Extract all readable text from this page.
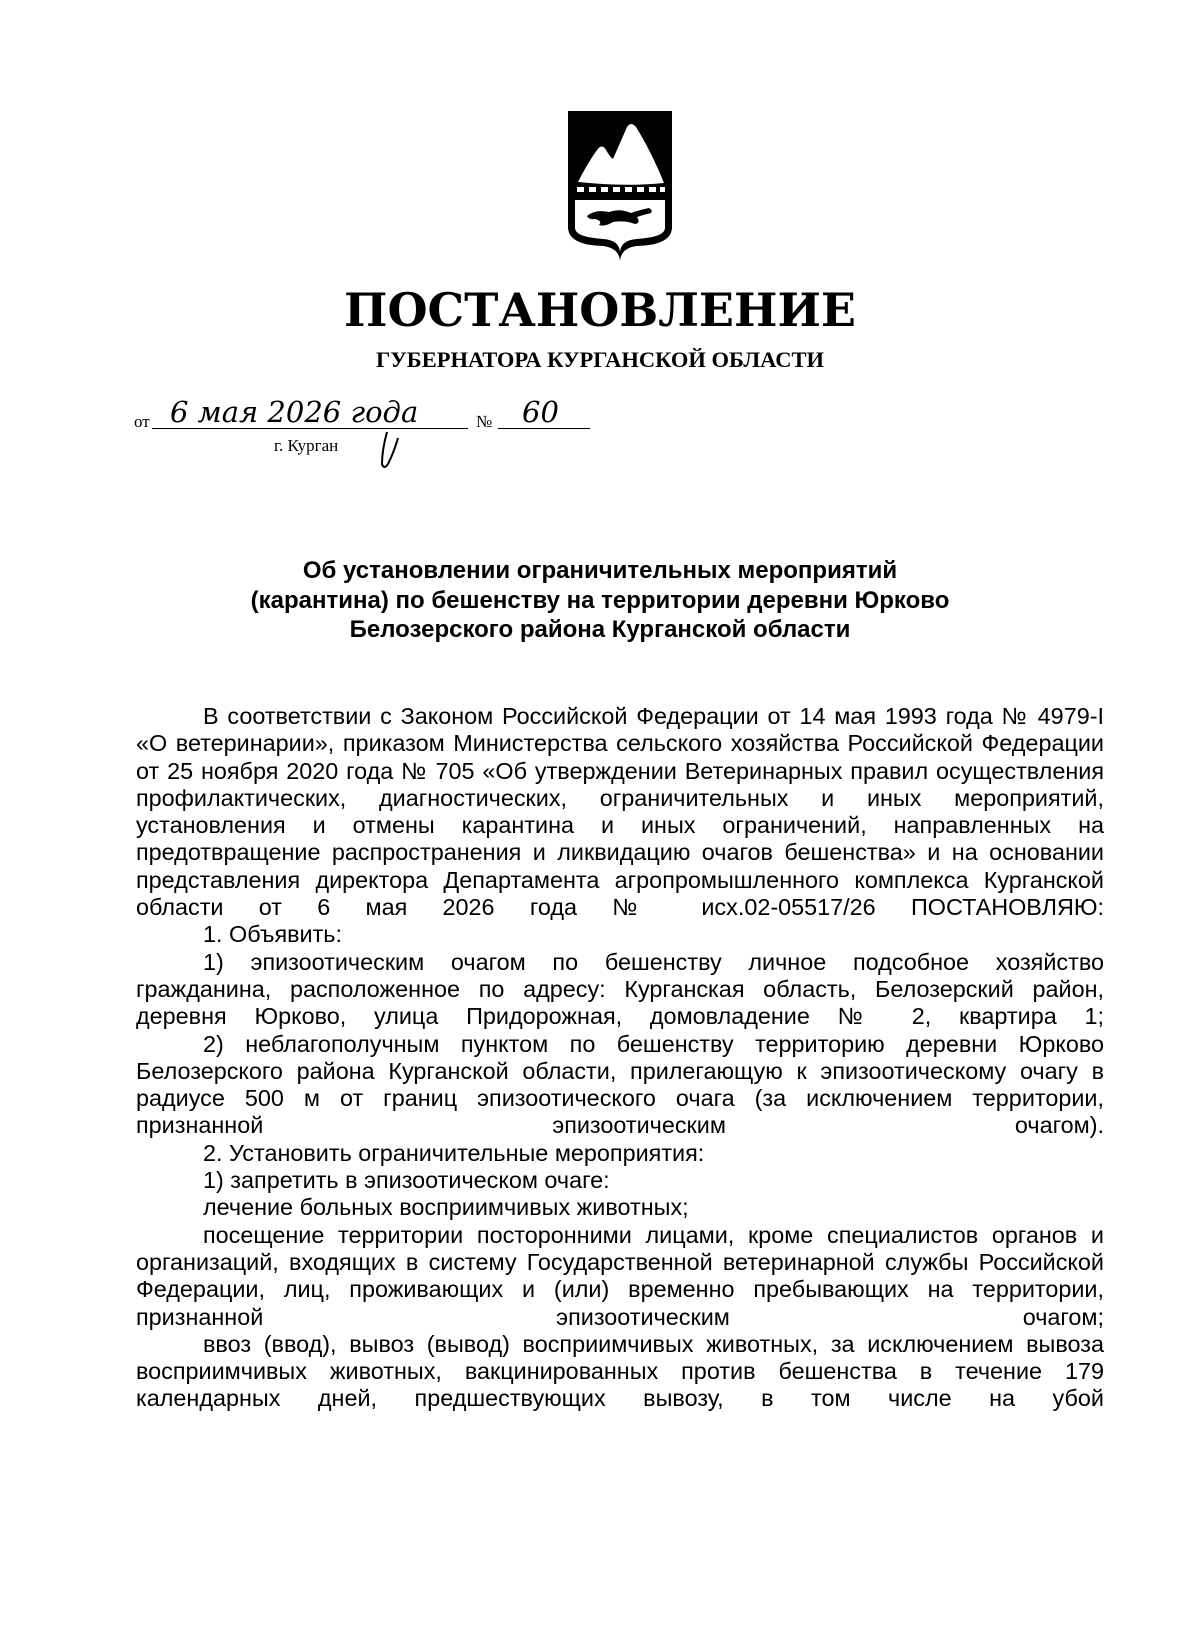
ПОСТАНОВЛЕНИЕ
ГУБЕРНАТОРА КУРГАНСКОЙ ОБЛАСТИ
от 6 мая 2026 года	№ 60
г. Курган
Об установлении ограничительных мероприятий
(карантина) по бешенству на территории деревни Юрково
Белозерского района Курганской области

В соответствии с Законом Российской Федерации от 14 мая 1993 года № 4979-I «О ветеринарии», приказом Министерства сельского хозяйства Российской Федерации от 25 ноября 2020 года № 705 «Об утверждении Ветеринарных правил осуществления профилактических, диагностических, ограничительных и иных мероприятий, установления и отмены карантина и иных ограничений, направленных на предотвращение распространения и ликвидацию очагов бешенства» и на основании представления директора Департамента агропромышленного комплекса Курганской области от 6 мая 2026 года № исх.02-05517/26 ПОСТАНОВЛЯЮ:

1. Объявить:

1) эпизоотическим очагом по бешенству личное подсобное хозяйство гражданина, расположенное по адресу: Курганская область, Белозерский район, деревня Юрково, улица Придорожная, домовладение № 2, квартира 1;

2) неблагополучным пунктом по бешенству территорию деревни Юрково Белозерского района Курганской области, прилегающую к эпизоотическому очагу в радиусе 500 м от границ эпизоотического очага (за исключением территории, признанной эпизоотическим очагом).

2. Установить ограничительные мероприятия:

1) запретить в эпизоотическом очаге:

лечение больных восприимчивых животных;

посещение территории посторонними лицами, кроме специалистов органов и организаций, входящих в систему Государственной ветеринарной службы Российской Федерации, лиц, проживающих и (или) временно пребывающих на территории, признанной эпизоотическим очагом;

ввоз (ввод), вывоз (вывод) восприимчивых животных, за исключением вывоза восприимчивых животных, вакцинированных против бешенства в течение 179 календарных дней, предшествующих вывозу, в том числе на убой
